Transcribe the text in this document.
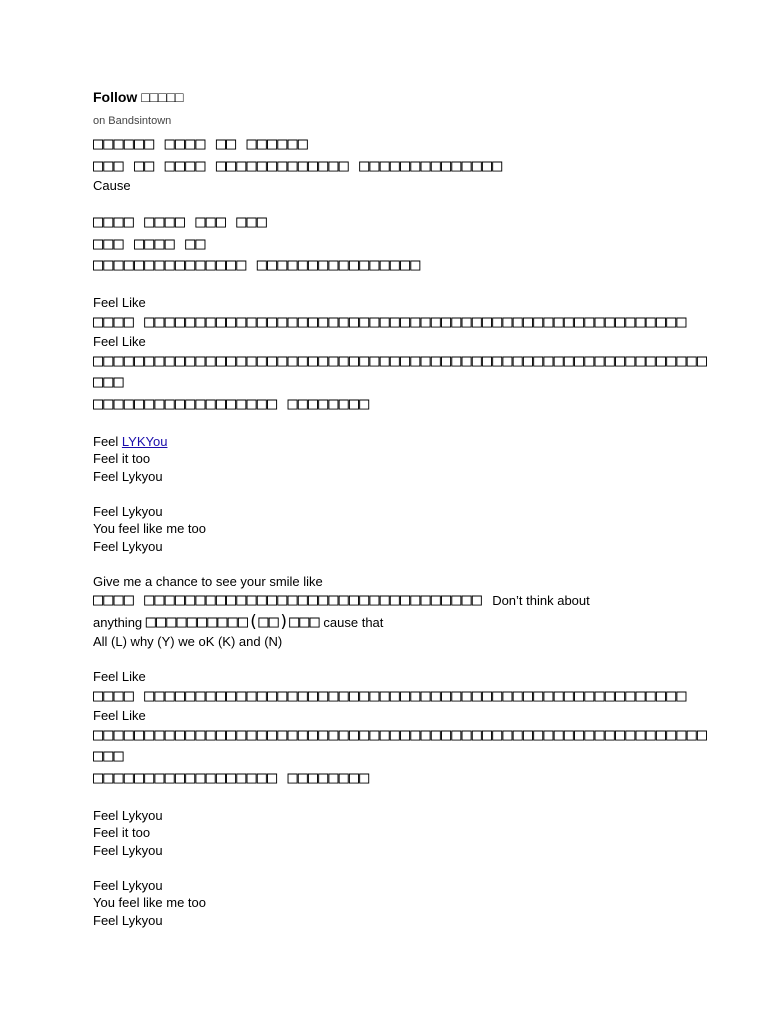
Follow □□□□□
on Bandsintown
□□□□□□ □□□□ □□ □□□□□□
□□□ □□ □□□□ □□□□□□□□□□□□□ □□□□□□□□□□□□□□
Cause
□□□□ □□□□ □□□ □□□
□□□ □□□□ □□
□□□□□□□□□□□□□□□ □□□□□□□□□□□□□□□□
Feel Like
□□□□ □□□□□□□□□□□□□□□□□□□□□□□□□□□□□□□□□□□□□□□□□□□□□□□□□□□□□
Feel Like
□□□□□□□□□□□□□□□□□□□□□□□□□□□□□□□□□□□□□□□□□□□□□□□□□□□□□□□□□□□□□□□
□□□□□□□□□□□□□□□□□□ □□□□□□□□
Feel LYKYou
Feel it too
Feel Lykyou
Feel Lykyou
You feel like me too
Feel Lykyou
Give me a chance to see your smile like
□□□□ □□□□□□□□□□□□□□□□□□□□□□□□□□□□□□□□□ Don’t think about
anything □□□□□□□□□□(□□)□□□ cause that
All (L) why (Y) we oK (K) and (N)
Feel Like
□□□□ □□□□□□□□□□□□□□□□□□□□□□□□□□□□□□□□□□□□□□□□□□□□□□□□□□□□□
Feel Like
□□□□□□□□□□□□□□□□□□□□□□□□□□□□□□□□□□□□□□□□□□□□□□□□□□□□□□□□□□□□□□□
□□□□□□□□□□□□□□□□□□ □□□□□□□□
Feel Lykyou
Feel it too
Feel Lykyou
Feel Lykyou
You feel like me too
Feel Lykyou
